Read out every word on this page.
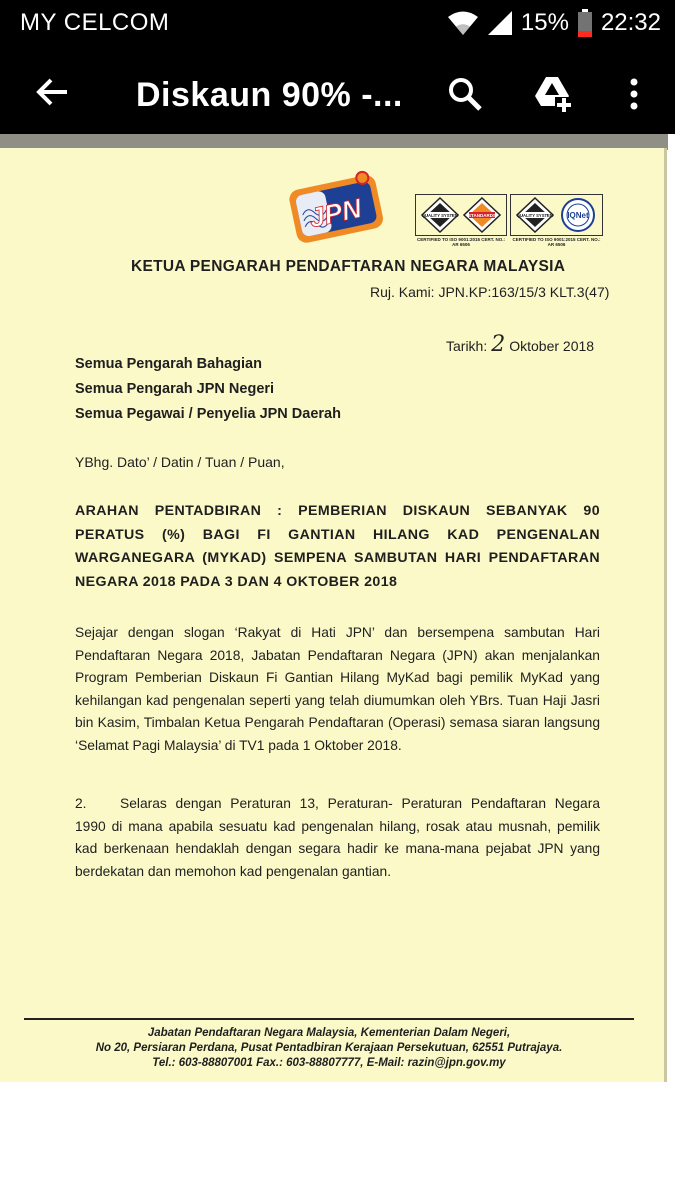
MY CELCOM	15% 22:32
Diskaun 90% -...
JPN	QUALITY SYSTEM STANDARDS	QUALITY SYSTEM IQNet
CERTIFIED TO ISO 9001:2015 CERT. NO.: AR 6506
CERTIFIED TO ISO 9001:2015 CERT. NO.: AR 6506
KETUA PENGARAH PENDAFTARAN NEGARA MALAYSIA
Ruj. Kami: JPN.KP:163/15/3 KLT.3(47)
Tarikh: 2 Oktober 2018
Semua Pengarah Bahagian
Semua Pengarah JPN Negeri
Semua Pegawai / Penyelia JPN Daerah
YBhg. Dato’ / Datin / Tuan / Puan,
ARAHAN PENTADBIRAN : PEMBERIAN DISKAUN SEBANYAK 90 PERATUS (%) BAGI FI GANTIAN HILANG KAD PENGENALAN WARGANEGARA (MYKAD) SEMPENA SAMBUTAN HARI PENDAFTARAN NEGARA 2018 PADA 3 DAN 4 OKTOBER 2018
Sejajar dengan slogan ‘Rakyat di Hati JPN’ dan bersempena sambutan Hari Pendaftaran Negara 2018, Jabatan Pendaftaran Negara (JPN) akan menjalankan Program Pemberian Diskaun Fi Gantian Hilang MyKad bagi pemilik MyKad yang kehilangan kad pengenalan seperti yang telah diumumkan oleh YBrs. Tuan Haji Jasri bin Kasim, Timbalan Ketua Pengarah Pendaftaran (Operasi) semasa siaran langsung ‘Selamat Pagi Malaysia’ di TV1 pada 1 Oktober 2018.
2. Selaras dengan Peraturan 13, Peraturan- Peraturan Pendaftaran Negara 1990 di mana apabila sesuatu kad pengenalan hilang, rosak atau musnah, pemilik kad berkenaan hendaklah dengan segara hadir ke mana-mana pejabat JPN yang berdekatan dan memohon kad pengenalan gantian.
Jabatan Pendaftaran Negara Malaysia, Kementerian Dalam Negeri,
No 20, Persiaran Perdana, Pusat Pentadbiran Kerajaan Persekutuan, 62551 Putrajaya.
Tel.: 603-88807001 Fax.: 603-88807777, E-Mail: razin@jpn.gov.my
